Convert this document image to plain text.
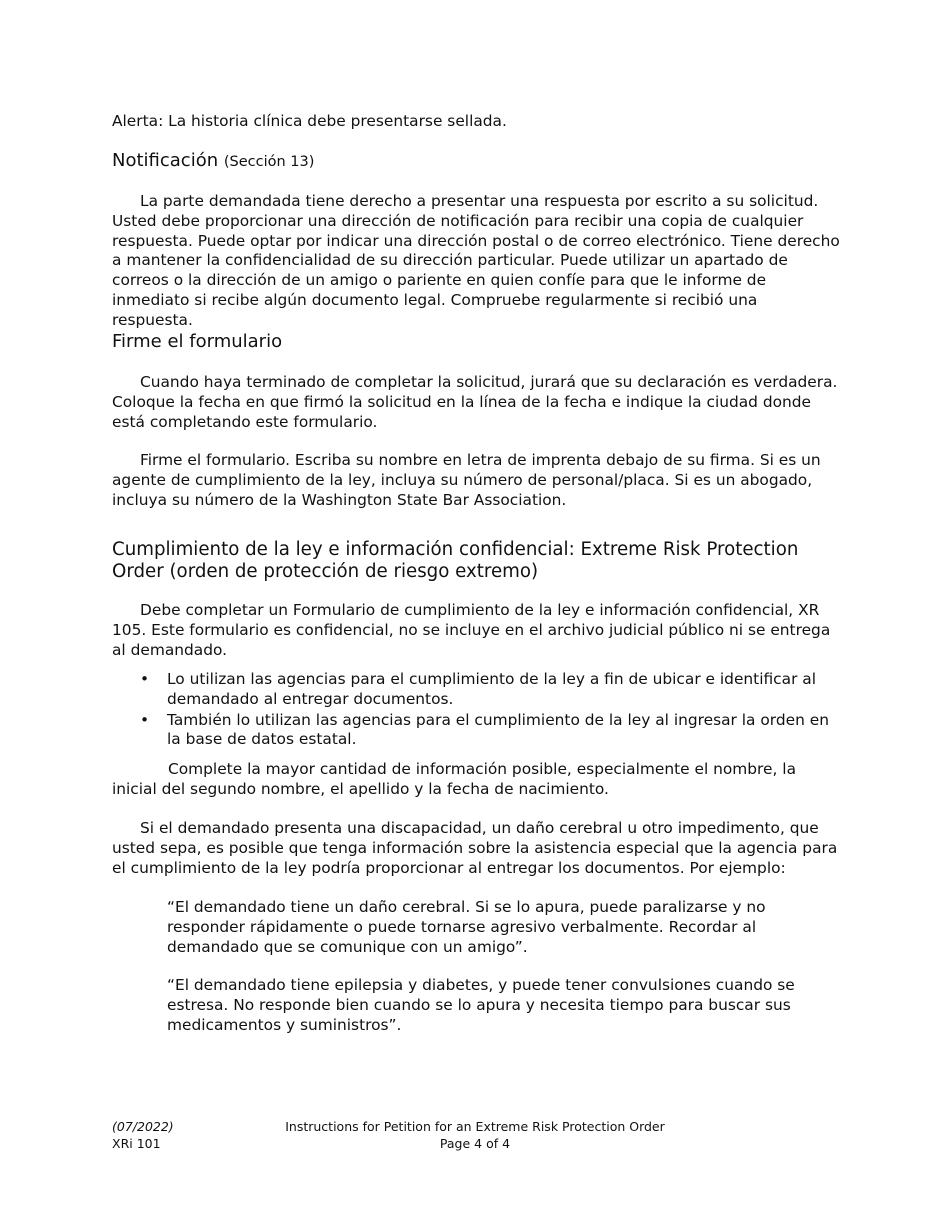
Alerta: La historia clínica debe presentarse sellada.
Notificación (Sección 13)
La parte demandada tiene derecho a presentar una respuesta por escrito a su solicitud. Usted debe proporcionar una dirección de notificación para recibir una copia de cualquier respuesta. Puede optar por indicar una dirección postal o de correo electrónico. Tiene derecho a mantener la confidencialidad de su dirección particular. Puede utilizar un apartado de correos o la dirección de un amigo o pariente en quien confíe para que le informe de inmediato si recibe algún documento legal. Compruebe regularmente si recibió una respuesta.
Firme el formulario
Cuando haya terminado de completar la solicitud, jurará que su declaración es verdadera. Coloque la fecha en que firmó la solicitud en la línea de la fecha e indique la ciudad donde está completando este formulario.
Firme el formulario. Escriba su nombre en letra de imprenta debajo de su firma. Si es un agente de cumplimiento de la ley, incluya su número de personal/placa. Si es un abogado, incluya su número de la Washington State Bar Association.
Cumplimiento de la ley e información confidencial: Extreme Risk Protection Order (orden de protección de riesgo extremo)
Debe completar un Formulario de cumplimiento de la ley e información confidencial, XR 105. Este formulario es confidencial, no se incluye en el archivo judicial público ni se entrega al demandado.
• Lo utilizan las agencias para el cumplimiento de la ley a fin de ubicar e identificar al demandado al entregar documentos.
• También lo utilizan las agencias para el cumplimiento de la ley al ingresar la orden en la base de datos estatal.
Complete la mayor cantidad de información posible, especialmente el nombre, la inicial del segundo nombre, el apellido y la fecha de nacimiento.
Si el demandado presenta una discapacidad, un daño cerebral u otro impedimento, que usted sepa, es posible que tenga información sobre la asistencia especial que la agencia para el cumplimiento de la ley podría proporcionar al entregar los documentos. Por ejemplo:
“El demandado tiene un daño cerebral. Si se lo apura, puede paralizarse y no responder rápidamente o puede tornarse agresivo verbalmente. Recordar al demandado que se comunique con un amigo”.
“El demandado tiene epilepsia y diabetes, y puede tener convulsiones cuando se estresa. No responde bien cuando se lo apura y necesita tiempo para buscar sus medicamentos y suministros”.
(07/2022)
XRi 101
Instructions for Petition for an Extreme Risk Protection Order
Page 4 of 4
